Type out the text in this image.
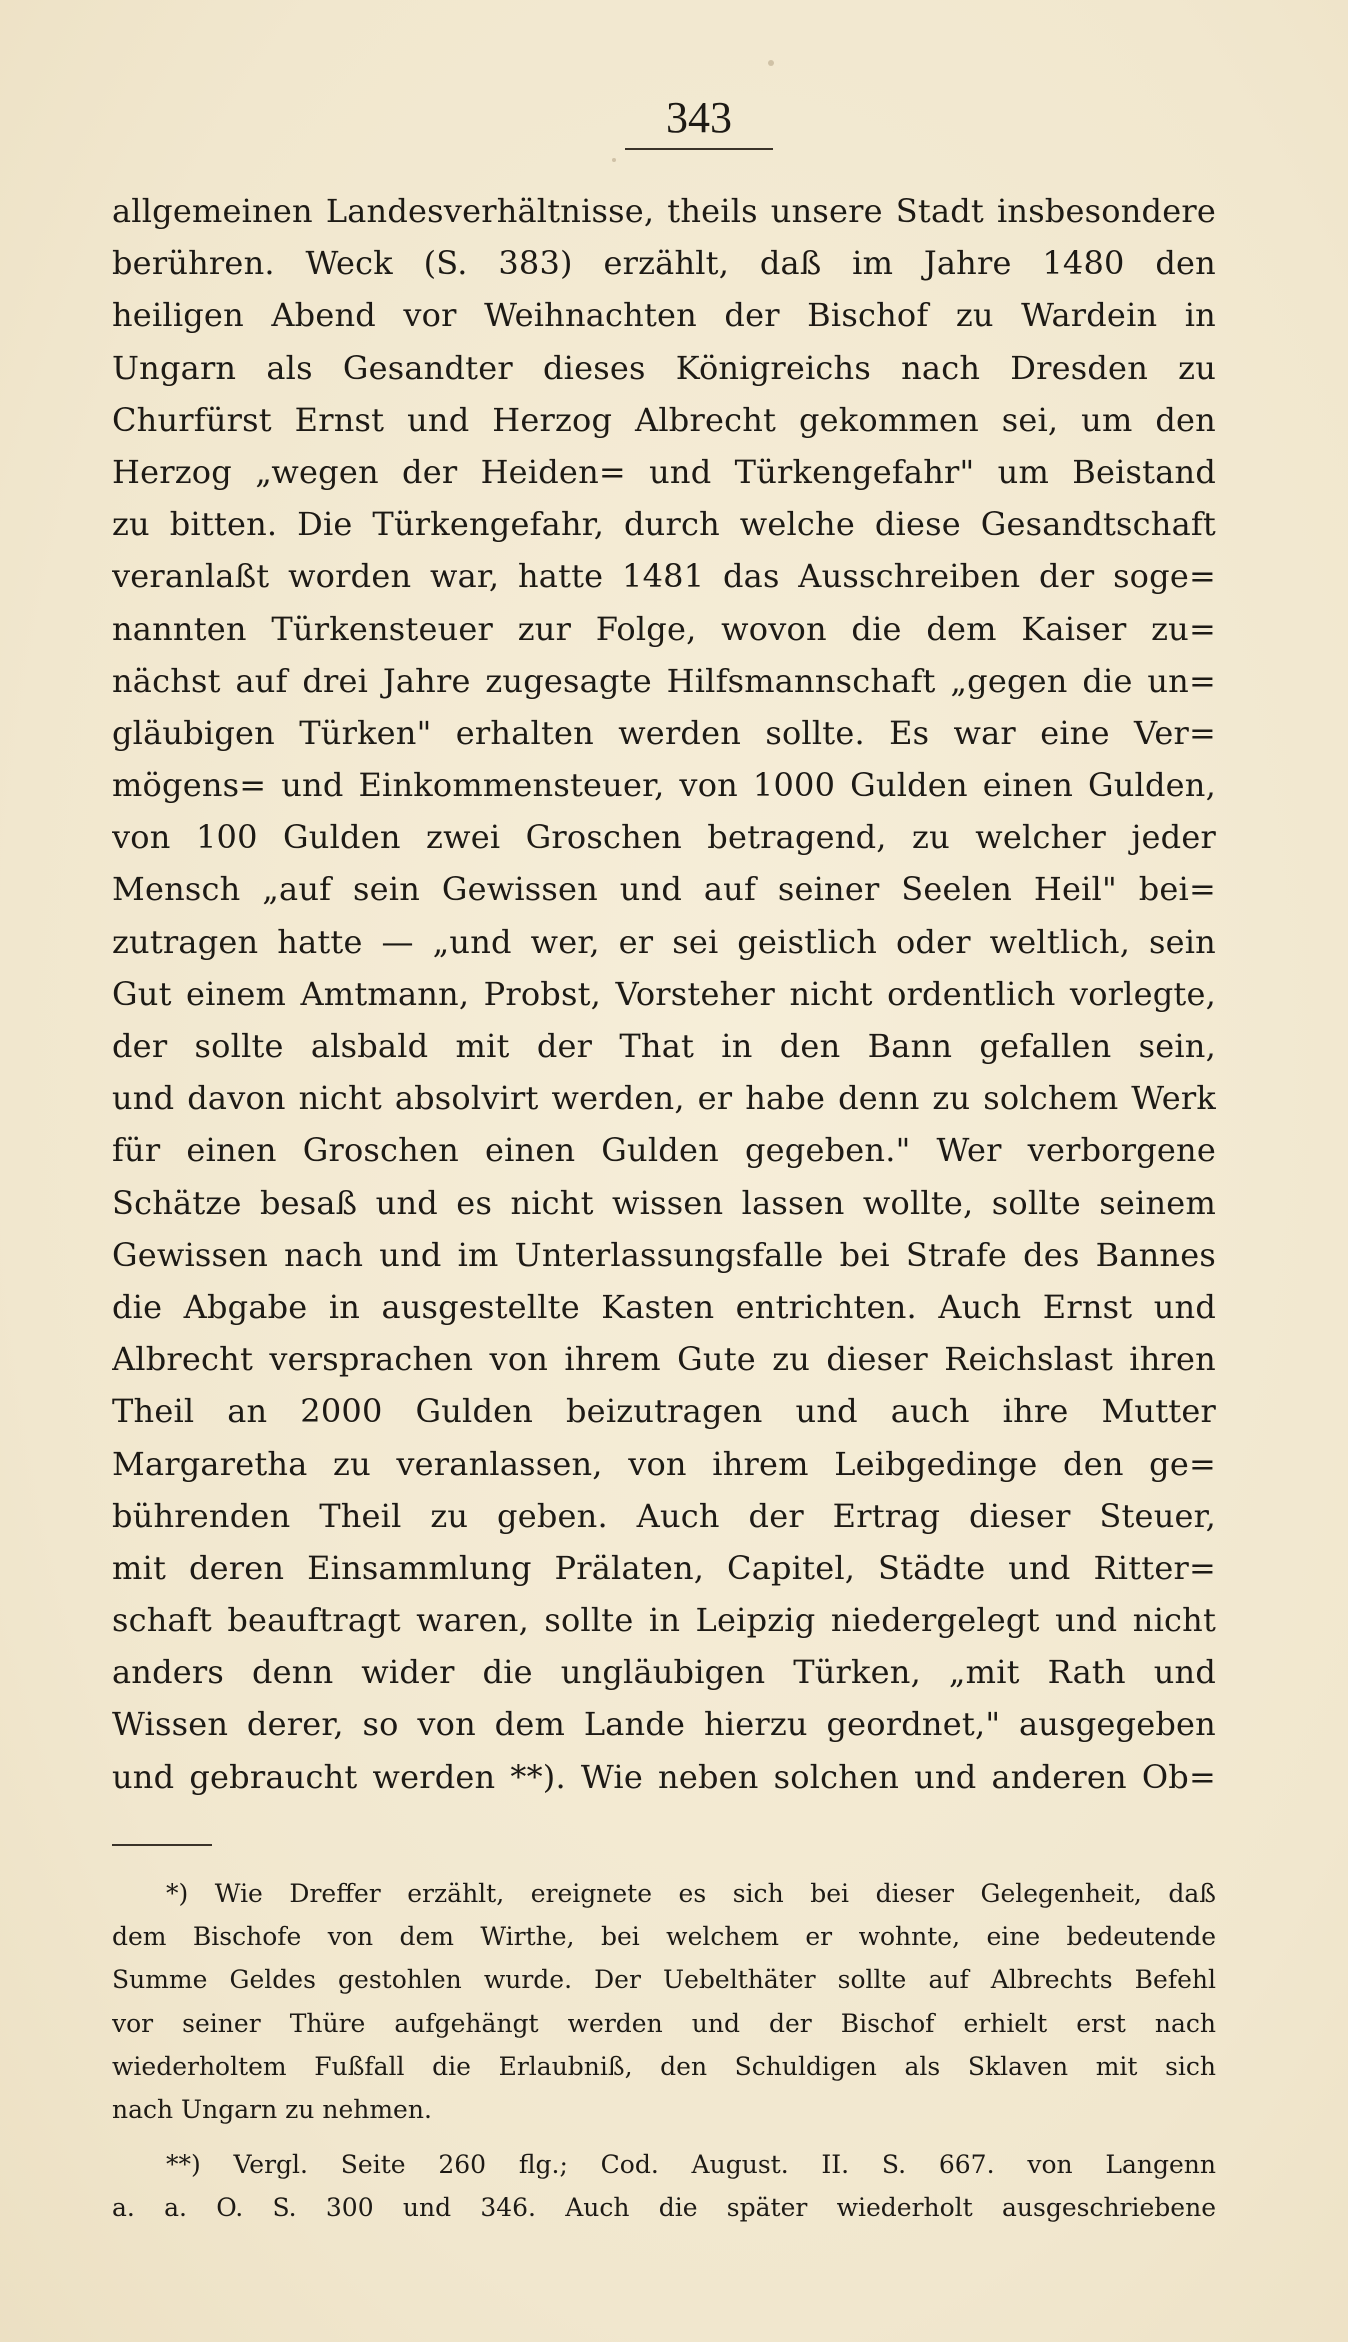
343
allgemeinen Landesverhältnisse, theils unsere Stadt insbesondere
berühren. Weck (S. 383) erzählt, daß im Jahre 1480 den
heiligen Abend vor Weihnachten der Bischof zu Wardein in
Ungarn als Gesandter dieses Königreichs nach Dresden zu
Churfürst Ernst und Herzog Albrecht gekommen sei, um den
Herzog „wegen der Heiden= und Türkengefahr" um Beistand
zu bitten. Die Türkengefahr, durch welche diese Gesandtschaft
veranlaßt worden war, hatte 1481 das Ausschreiben der soge=
nannten Türkensteuer zur Folge, wovon die dem Kaiser zu=
nächst auf drei Jahre zugesagte Hilfsmannschaft „gegen die un=
gläubigen Türken" erhalten werden sollte. Es war eine Ver=
mögens= und Einkommensteuer, von 1000 Gulden einen Gulden,
von 100 Gulden zwei Groschen betragend, zu welcher jeder
Mensch „auf sein Gewissen und auf seiner Seelen Heil" bei=
zutragen hatte — „und wer, er sei geistlich oder weltlich, sein
Gut einem Amtmann, Probst, Vorsteher nicht ordentlich vorlegte,
der sollte alsbald mit der That in den Bann gefallen sein,
und davon nicht absolvirt werden, er habe denn zu solchem Werk
für einen Groschen einen Gulden gegeben." Wer verborgene
Schätze besaß und es nicht wissen lassen wollte, sollte seinem
Gewissen nach und im Unterlassungsfalle bei Strafe des Bannes
die Abgabe in ausgestellte Kasten entrichten. Auch Ernst und
Albrecht versprachen von ihrem Gute zu dieser Reichslast ihren
Theil an 2000 Gulden beizutragen und auch ihre Mutter
Margaretha zu veranlassen, von ihrem Leibgedinge den ge=
bührenden Theil zu geben. Auch der Ertrag dieser Steuer,
mit deren Einsammlung Prälaten, Capitel, Städte und Ritter=
schaft beauftragt waren, sollte in Leipzig niedergelegt und nicht
anders denn wider die ungläubigen Türken, „mit Rath und
Wissen derer, so von dem Lande hierzu geordnet," ausgegeben
und gebraucht werden **). Wie neben solchen und anderen Ob=
*) Wie Dreffer erzählt, ereignete es sich bei dieser Gelegenheit, daß
dem Bischofe von dem Wirthe, bei welchem er wohnte, eine bedeutende
Summe Geldes gestohlen wurde. Der Uebelthäter sollte auf Albrechts Befehl
vor seiner Thüre aufgehängt werden und der Bischof erhielt erst nach
wiederholtem Fußfall die Erlaubniß, den Schuldigen als Sklaven mit sich
nach Ungarn zu nehmen.
**) Vergl. Seite 260 flg.; Cod. August. II. S. 667. von Langenn
a. a. O. S. 300 und 346. Auch die später wiederholt ausgeschriebene
